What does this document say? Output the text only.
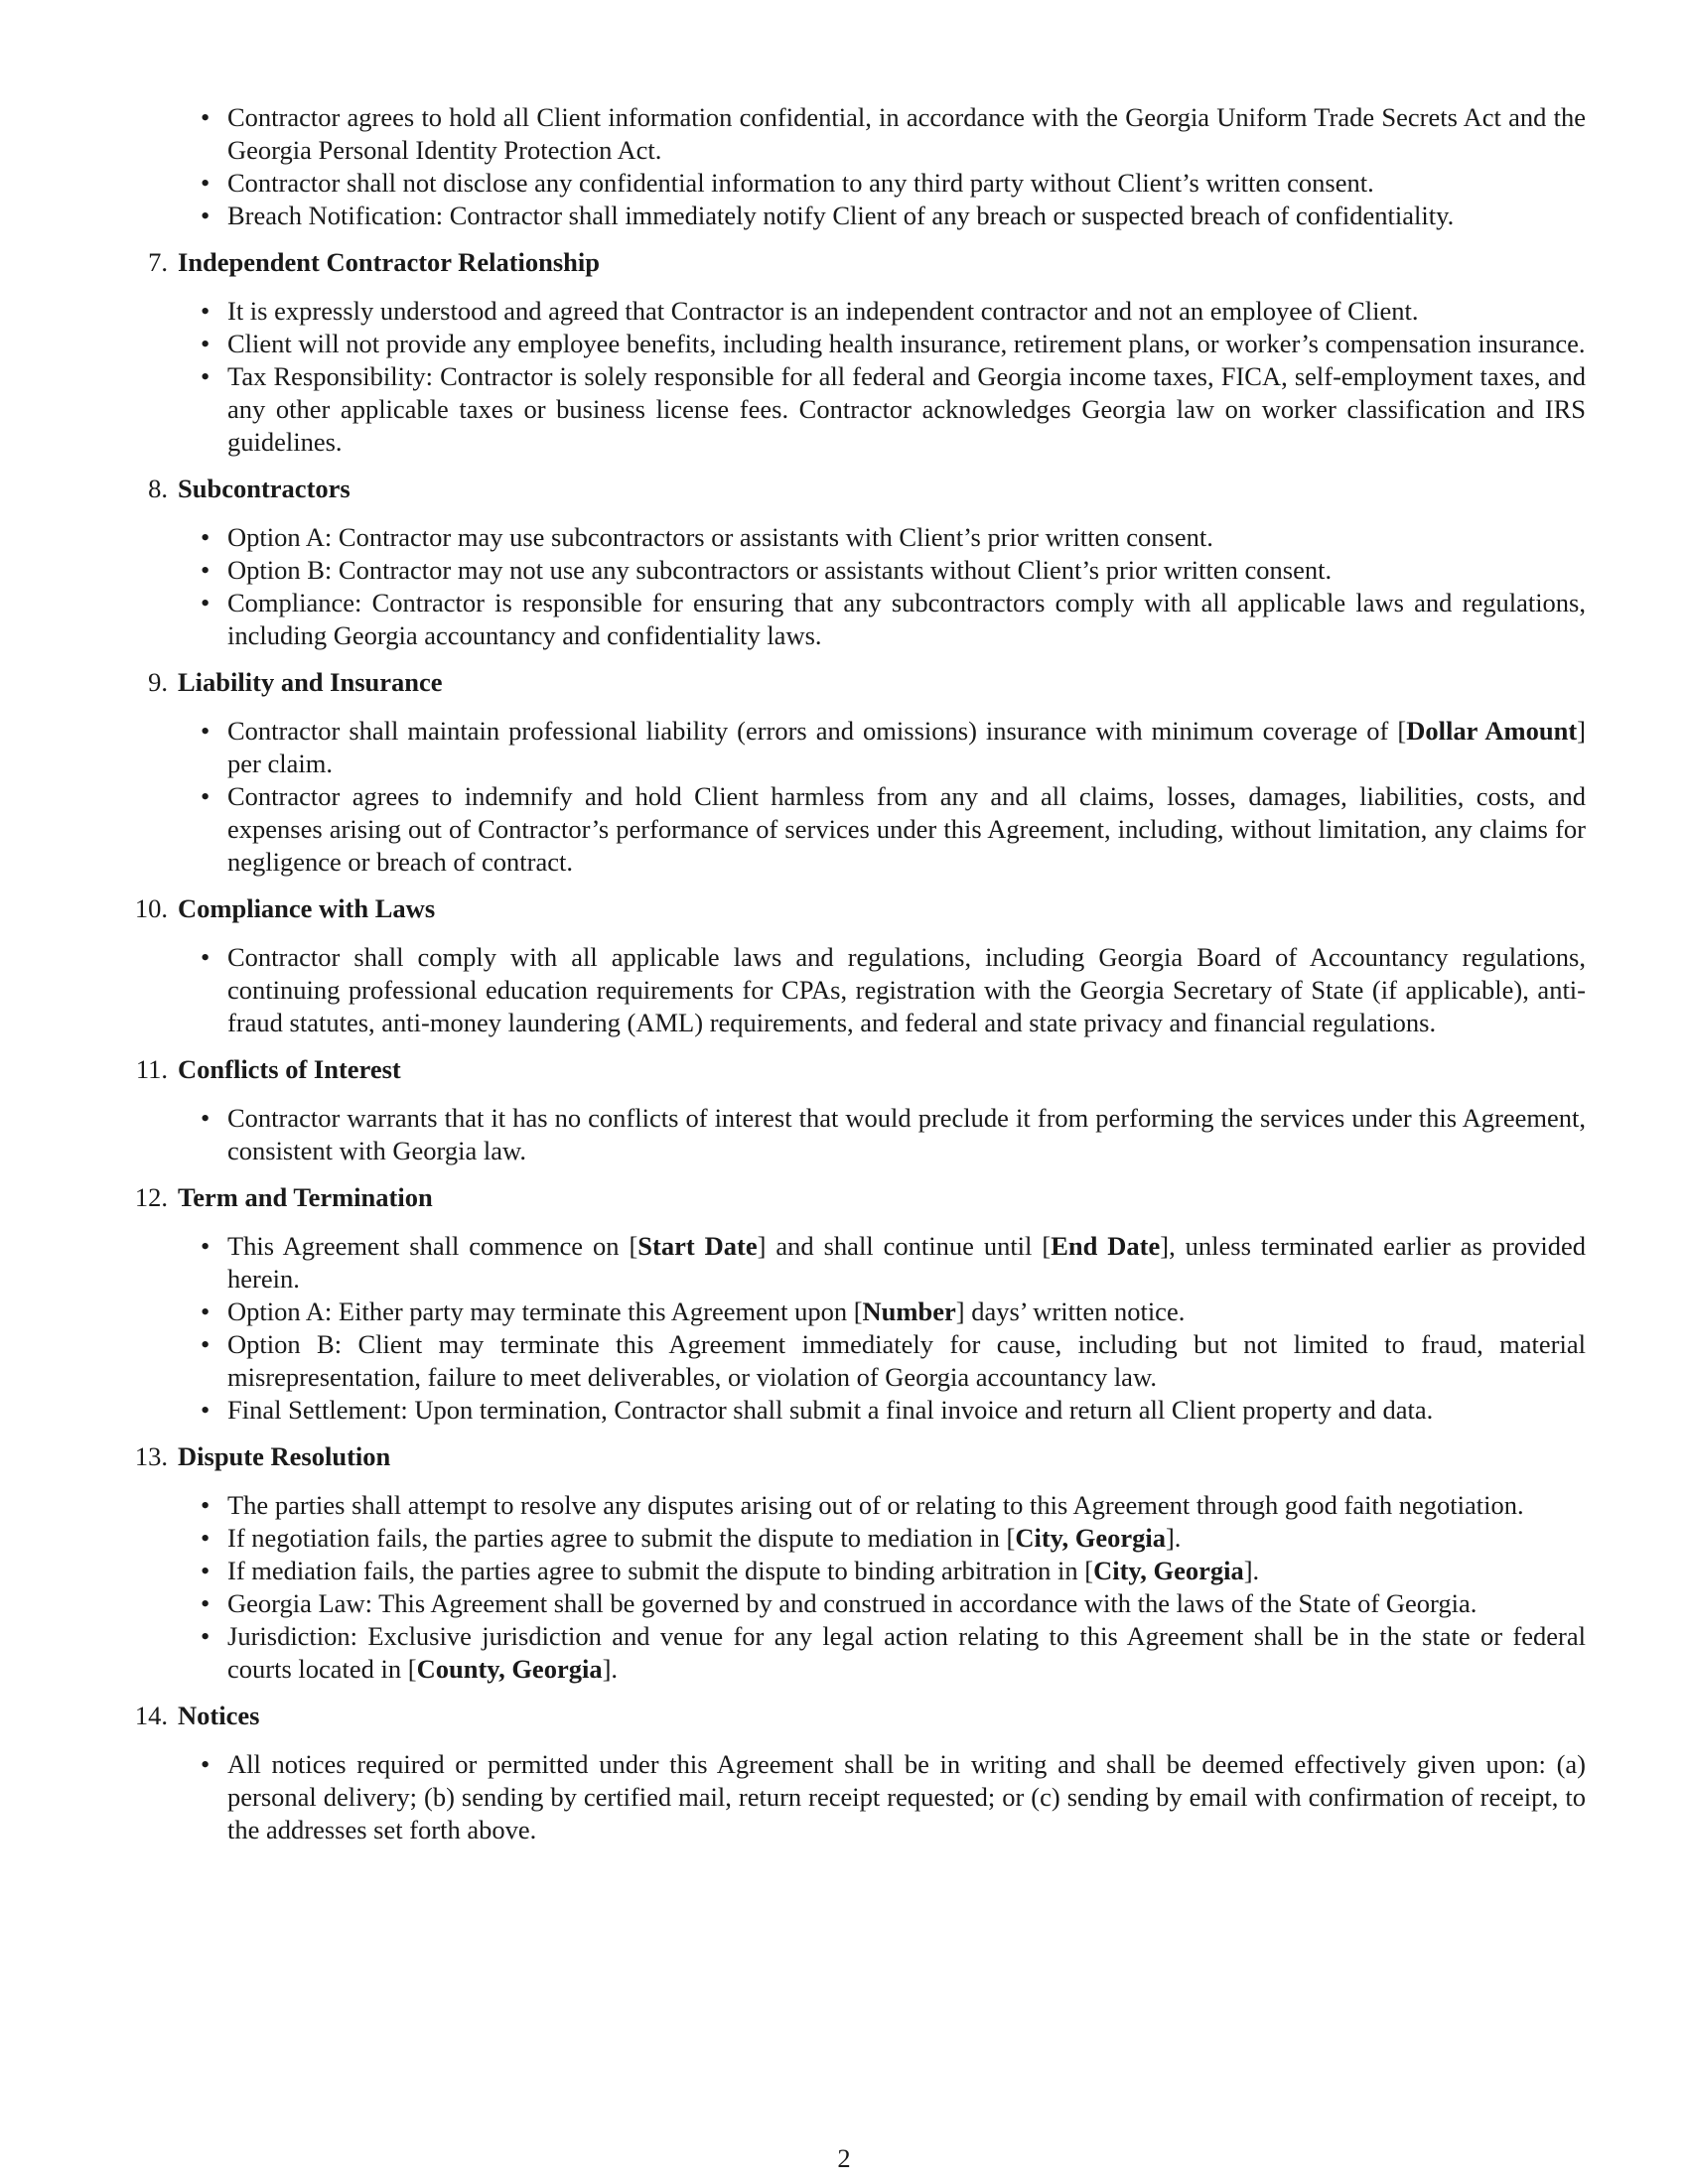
• Contractor agrees to hold all Client information confidential, in accordance with the Georgia Uniform Trade Secrets Act and the Georgia Personal Identity Protection Act.
• Contractor shall not disclose any confidential information to any third party without Client’s written consent.
• Breach Notification: Contractor shall immediately notify Client of any breach or suspected breach of confidentiality.
7. Independent Contractor Relationship
• It is expressly understood and agreed that Contractor is an independent contractor and not an employee of Client.
• Client will not provide any employee benefits, including health insurance, retirement plans, or worker’s compensation insurance.
• Tax Responsibility: Contractor is solely responsible for all federal and Georgia income taxes, FICA, self-employment taxes, and any other applicable taxes or business license fees. Contractor acknowledges Georgia law on worker classification and IRS guidelines.
8. Subcontractors
• Option A: Contractor may use subcontractors or assistants with Client’s prior written consent.
• Option B: Contractor may not use any subcontractors or assistants without Client’s prior written consent.
• Compliance: Contractor is responsible for ensuring that any subcontractors comply with all applicable laws and regulations, including Georgia accountancy and confidentiality laws.
9. Liability and Insurance
• Contractor shall maintain professional liability (errors and omissions) insurance with minimum coverage of [Dollar Amount] per claim.
• Contractor agrees to indemnify and hold Client harmless from any and all claims, losses, damages, liabilities, costs, and expenses arising out of Contractor’s performance of services under this Agreement, including, without limitation, any claims for negligence or breach of contract.
10. Compliance with Laws
• Contractor shall comply with all applicable laws and regulations, including Georgia Board of Accountancy regulations, continuing professional education requirements for CPAs, registration with the Georgia Secretary of State (if applicable), anti-fraud statutes, anti-money laundering (AML) requirements, and federal and state privacy and financial regulations.
11. Conflicts of Interest
• Contractor warrants that it has no conflicts of interest that would preclude it from performing the services under this Agreement, consistent with Georgia law.
12. Term and Termination
• This Agreement shall commence on [Start Date] and shall continue until [End Date], unless terminated earlier as provided herein.
• Option A: Either party may terminate this Agreement upon [Number] days’ written notice.
• Option B: Client may terminate this Agreement immediately for cause, including but not limited to fraud, material misrepresentation, failure to meet deliverables, or violation of Georgia accountancy law.
• Final Settlement: Upon termination, Contractor shall submit a final invoice and return all Client property and data.
13. Dispute Resolution
• The parties shall attempt to resolve any disputes arising out of or relating to this Agreement through good faith negotiation.
• If negotiation fails, the parties agree to submit the dispute to mediation in [City, Georgia].
• If mediation fails, the parties agree to submit the dispute to binding arbitration in [City, Georgia].
• Georgia Law: This Agreement shall be governed by and construed in accordance with the laws of the State of Georgia.
• Jurisdiction: Exclusive jurisdiction and venue for any legal action relating to this Agreement shall be in the state or federal courts located in [County, Georgia].
14. Notices
• All notices required or permitted under this Agreement shall be in writing and shall be deemed effectively given upon: (a) personal delivery; (b) sending by certified mail, return receipt requested; or (c) sending by email with confirmation of receipt, to the addresses set forth above.
2
